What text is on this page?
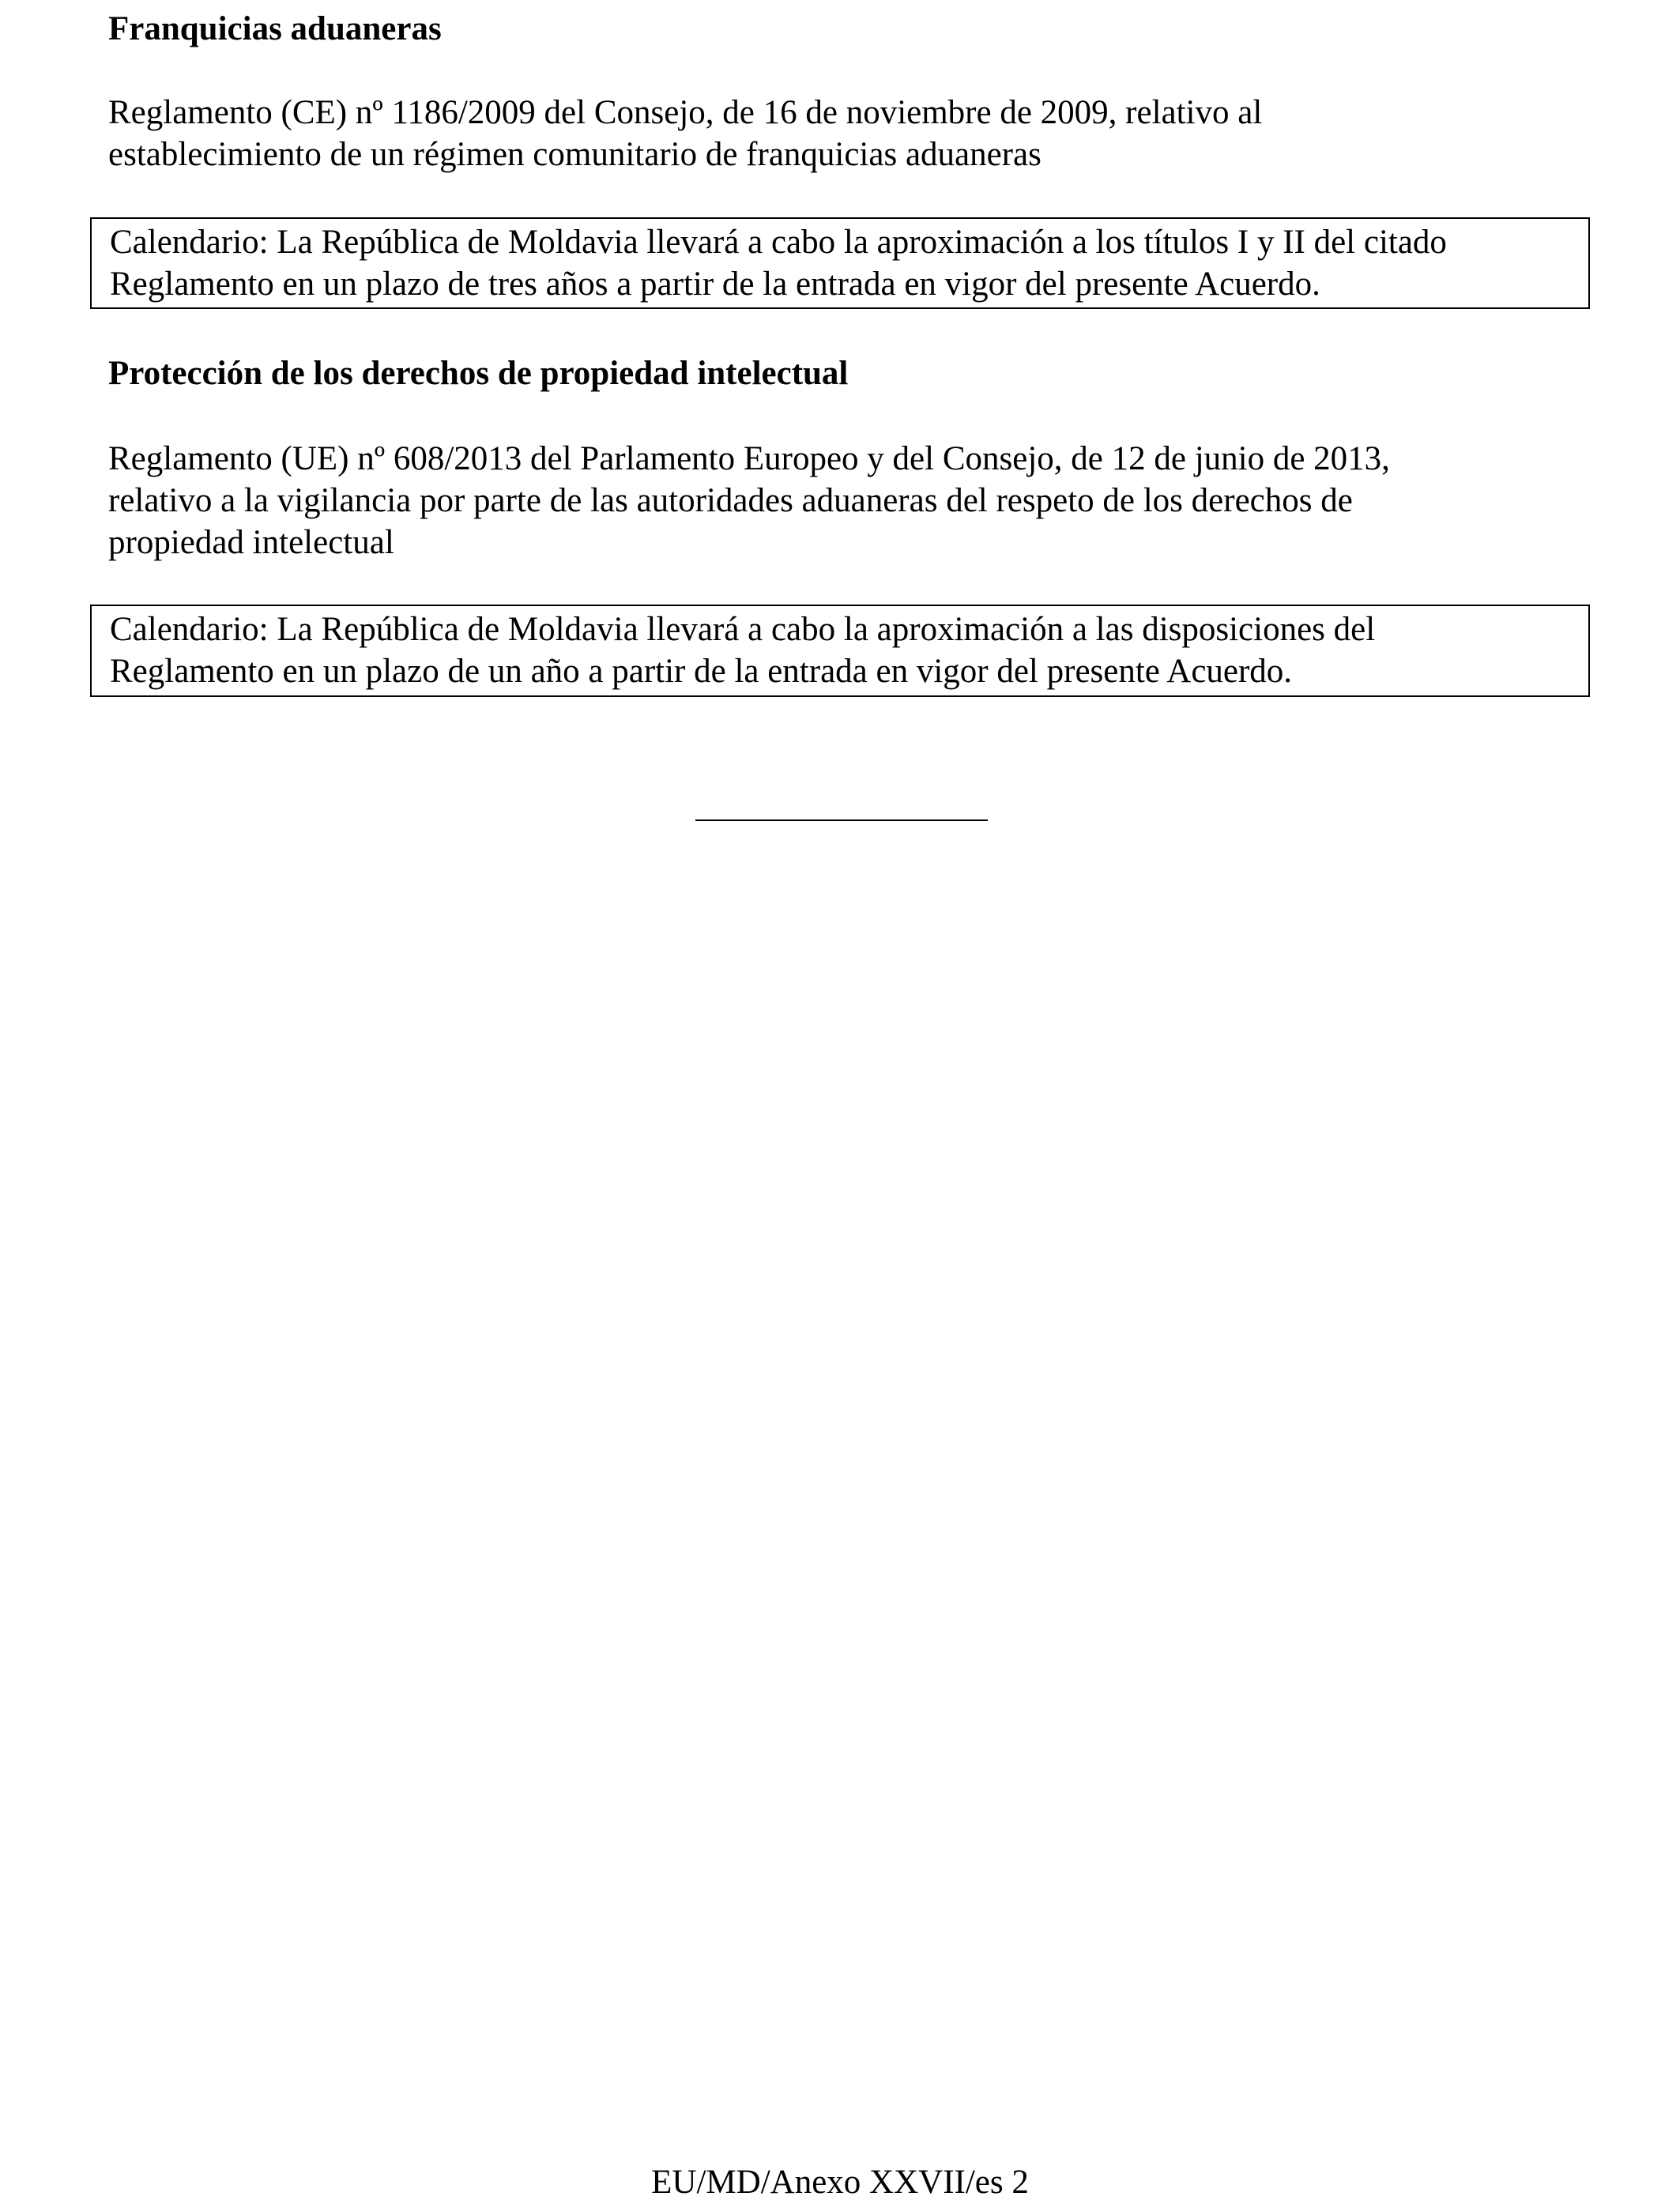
Franquicias aduaneras

Reglamento (CE) nº 1186/2009 del Consejo, de 16 de noviembre de 2009, relativo al
establecimiento de un régimen comunitario de franquicias aduaneras

Calendario: La República de Moldavia llevará a cabo la aproximación a los títulos I y II del citado
Reglamento en un plazo de tres años a partir de la entrada en vigor del presente Acuerdo.
Protección de los derechos de propiedad intelectual

Reglamento (UE) nº 608/2013 del Parlamento Europeo y del Consejo, de 12 de junio de 2013,
relativo a la vigilancia por parte de las autoridades aduaneras del respeto de los derechos de
propiedad intelectual

Calendario: La República de Moldavia llevará a cabo la aproximación a las disposiciones del
Reglamento en un plazo de un año a partir de la entrada en vigor del presente Acuerdo.
EU/MD/Anexo XXVII/es 2
